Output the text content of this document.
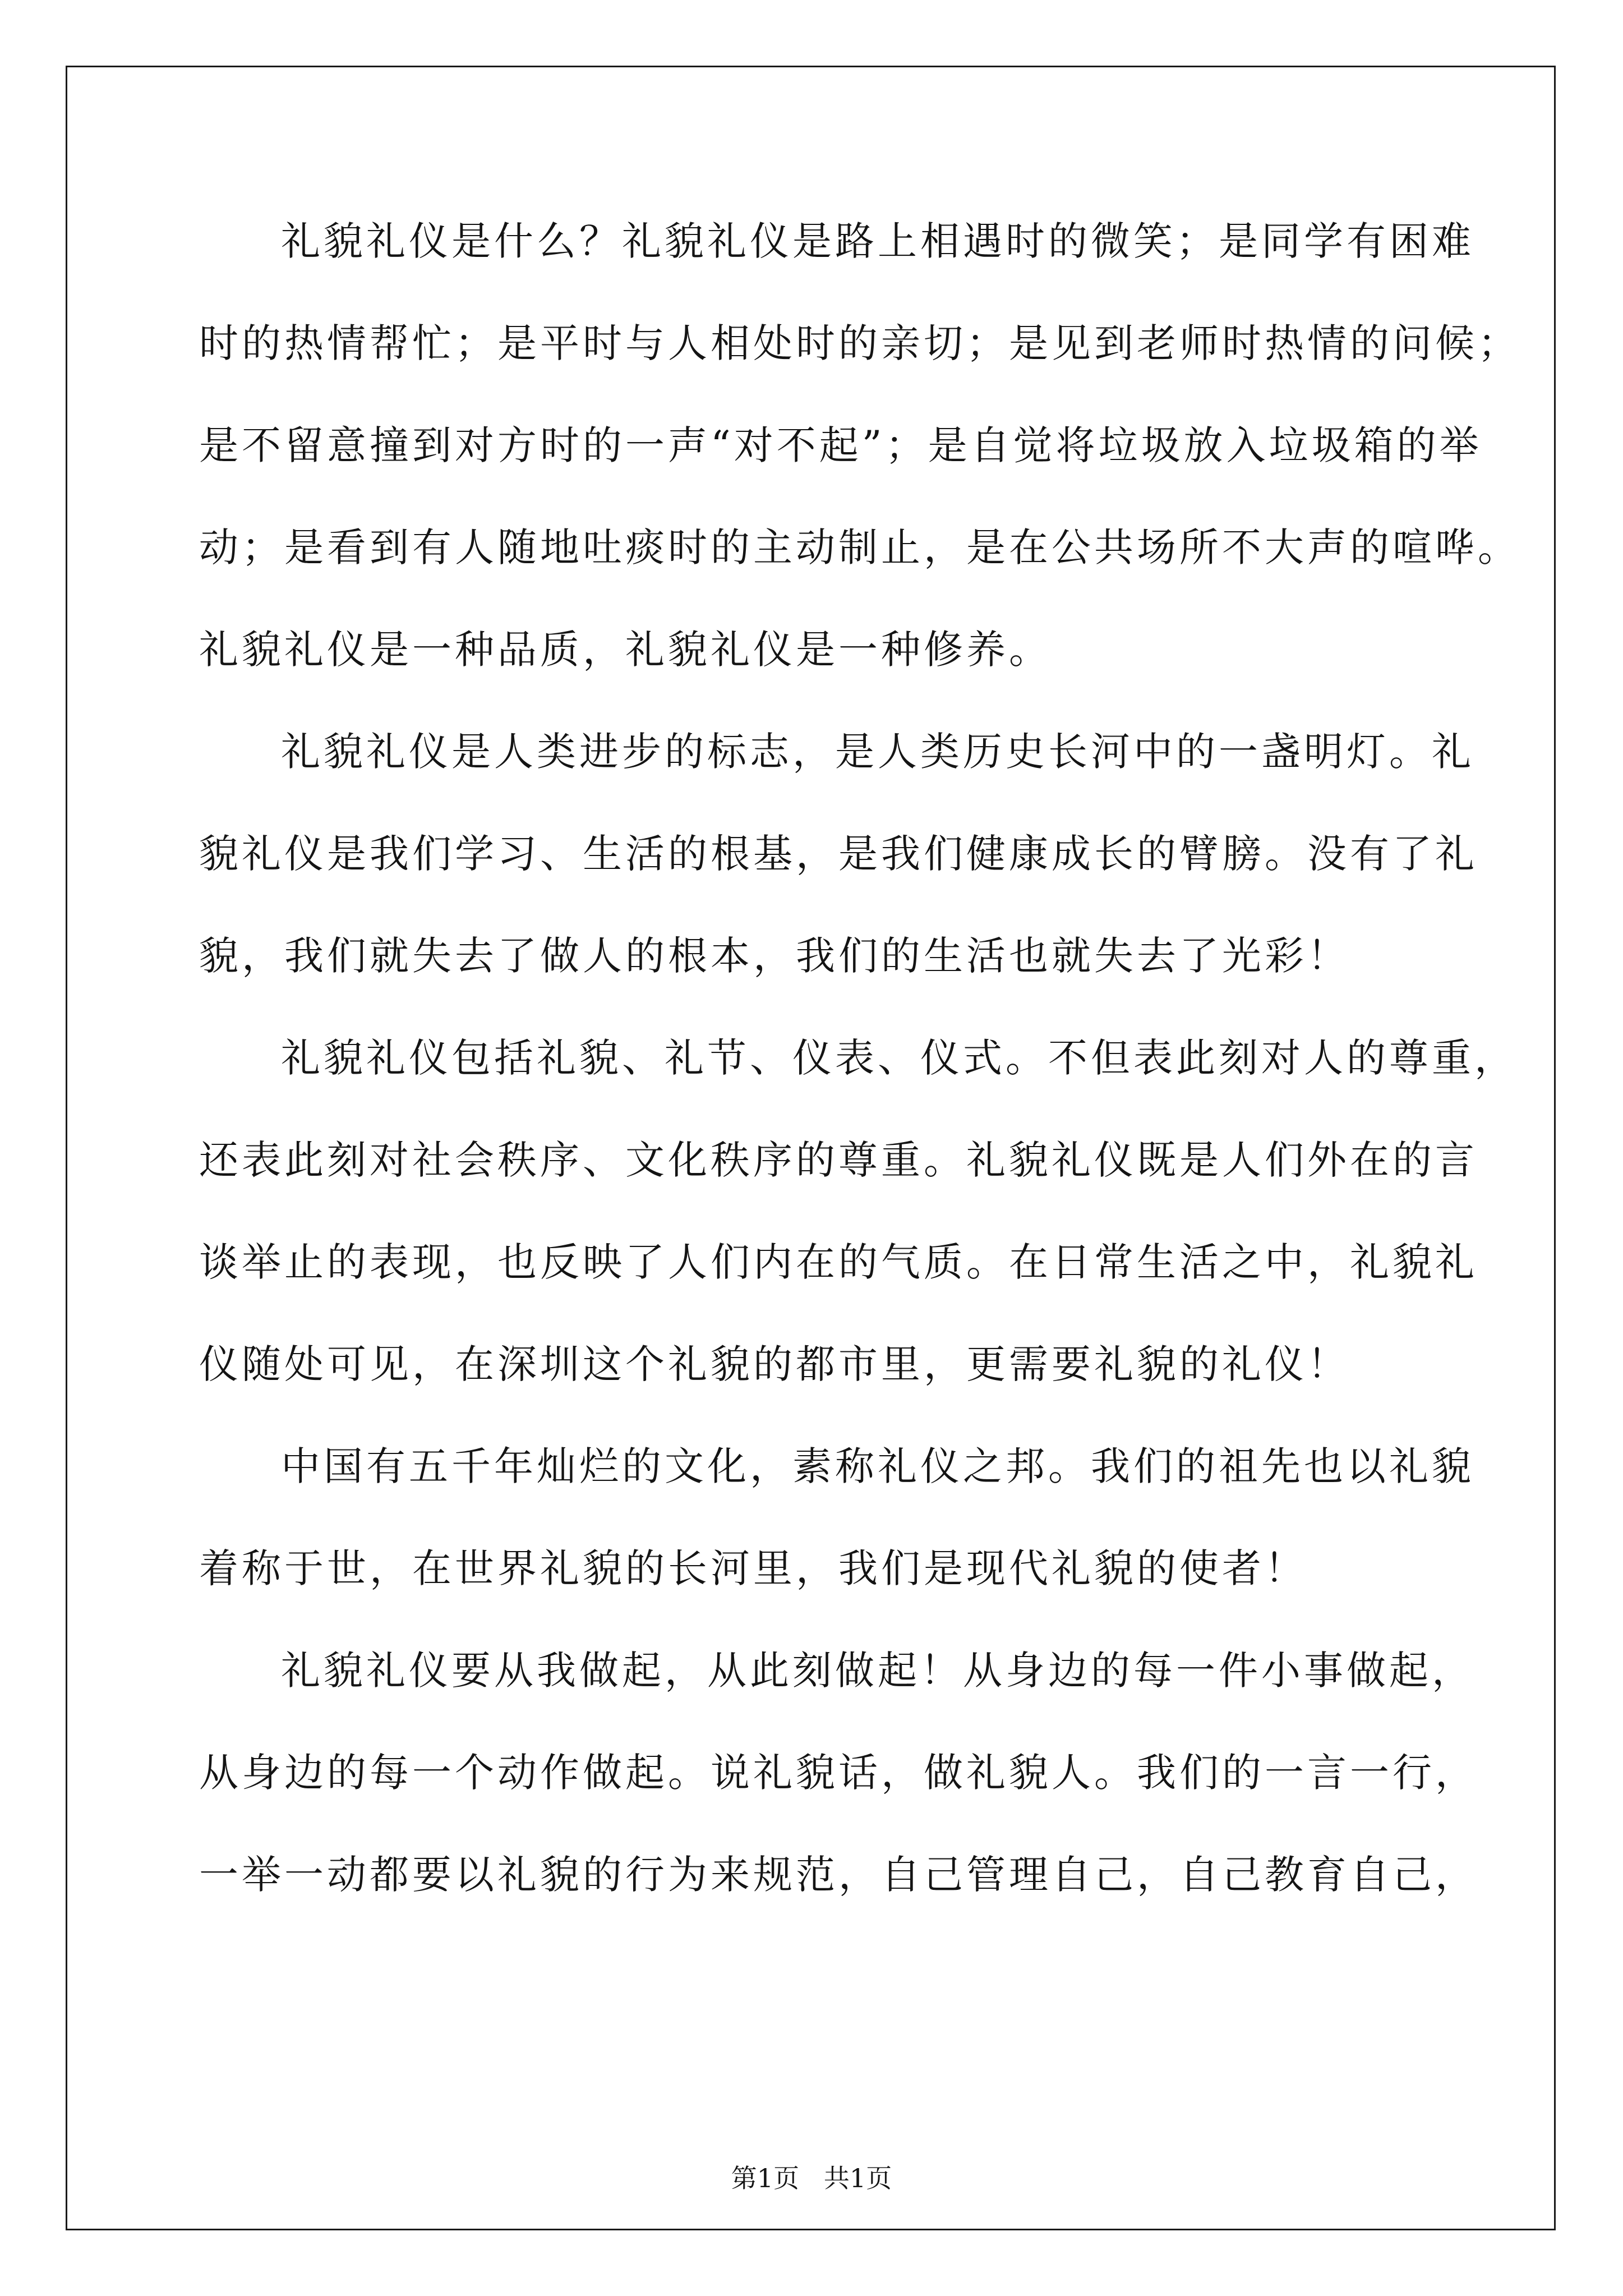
礼貌礼仪是什么？礼貌礼仪是路上相遇时的微笑；是同学有困难
时的热情帮忙；是平时与人相处时的亲切；是见到老师时热情的问候；
是不留意撞到对方时的一声“对不起”；是自觉将垃圾放入垃圾箱的举
动；是看到有人随地吐痰时的主动制止，是在公共场所不大声的喧哗。
礼貌礼仪是一种品质，礼貌礼仪是一种修养。
礼貌礼仪是人类进步的标志，是人类历史长河中的一盏明灯。礼
貌礼仪是我们学习、生活的根基，是我们健康成长的臂膀。没有了礼
貌，我们就失去了做人的根本，我们的生活也就失去了光彩！
礼貌礼仪包括礼貌、礼节、仪表、仪式。不但表此刻对人的尊重，
还表此刻对社会秩序、文化秩序的尊重。礼貌礼仪既是人们外在的言
谈举止的表现，也反映了人们内在的气质。在日常生活之中，礼貌礼
仪随处可见，在深圳这个礼貌的都市里，更需要礼貌的礼仪！
中国有五千年灿烂的文化，素称礼仪之邦。我们的祖先也以礼貌
着称于世，在世界礼貌的长河里，我们是现代礼貌的使者！
礼貌礼仪要从我做起，从此刻做起！从身边的每一件小事做起，
从身边的每一个动作做起。说礼貌话，做礼貌人。我们的一言一行，
一举一动都要以礼貌的行为来规范，自己管理自己，自己教育自己，
第1页   共1页
